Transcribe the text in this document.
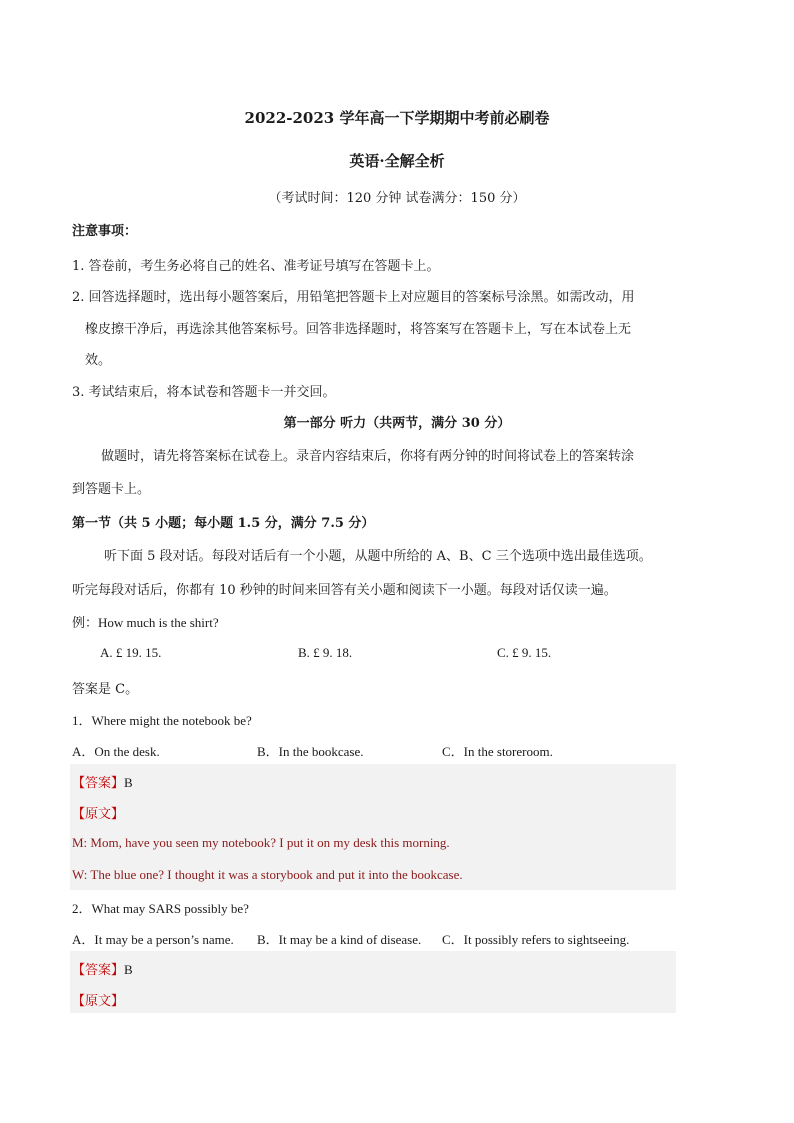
2022-2023 学年高一下学期期中考前必刷卷
英语·全解全析
（考试时间：120 分钟 试卷满分：150 分）
注意事项：
1. 答卷前，考生务必将自己的姓名、准考证号填写在答题卡上。
2. 回答选择题时，选出每小题答案后，用铅笔把答题卡上对应题目的答案标号涂黑。如需改动，用
橡皮擦干净后，再选涂其他答案标号。回答非选择题时，将答案写在答题卡上，写在本试卷上无
效。
3. 考试结束后，将本试卷和答题卡一并交回。
第一部分 听力（共两节，满分 30 分）
做题时，请先将答案标在试卷上。录音内容结束后，你将有两分钟的时间将试卷上的答案转涂
到答题卡上。
第一节（共 5 小题；每小题 1.5 分，满分 7.5 分）
听下面 5 段对话。每段对话后有一个小题，从题中所给的 A、B、C 三个选项中选出最佳选项。
听完每段对话后，你都有 10 秒钟的时间来回答有关小题和阅读下一小题。每段对话仅读一遍。
例：How much is the shirt?
A. £ 19. 15.	B. £ 9. 18.	C. £ 9. 15.
答案是 C。
1．Where might the notebook be?
A．On the desk.	B．In the bookcase.	C．In the storeroom.
【答案】B
【原文】
M: Mom, have you seen my notebook? I put it on my desk this morning.
W: The blue one? I thought it was a storybook and put it into the bookcase.
2．What may SARS possibly be?
A．It may be a person’s name. B．It may be a kind of disease. C．It possibly refers to sightseeing.
【答案】B
【原文】
